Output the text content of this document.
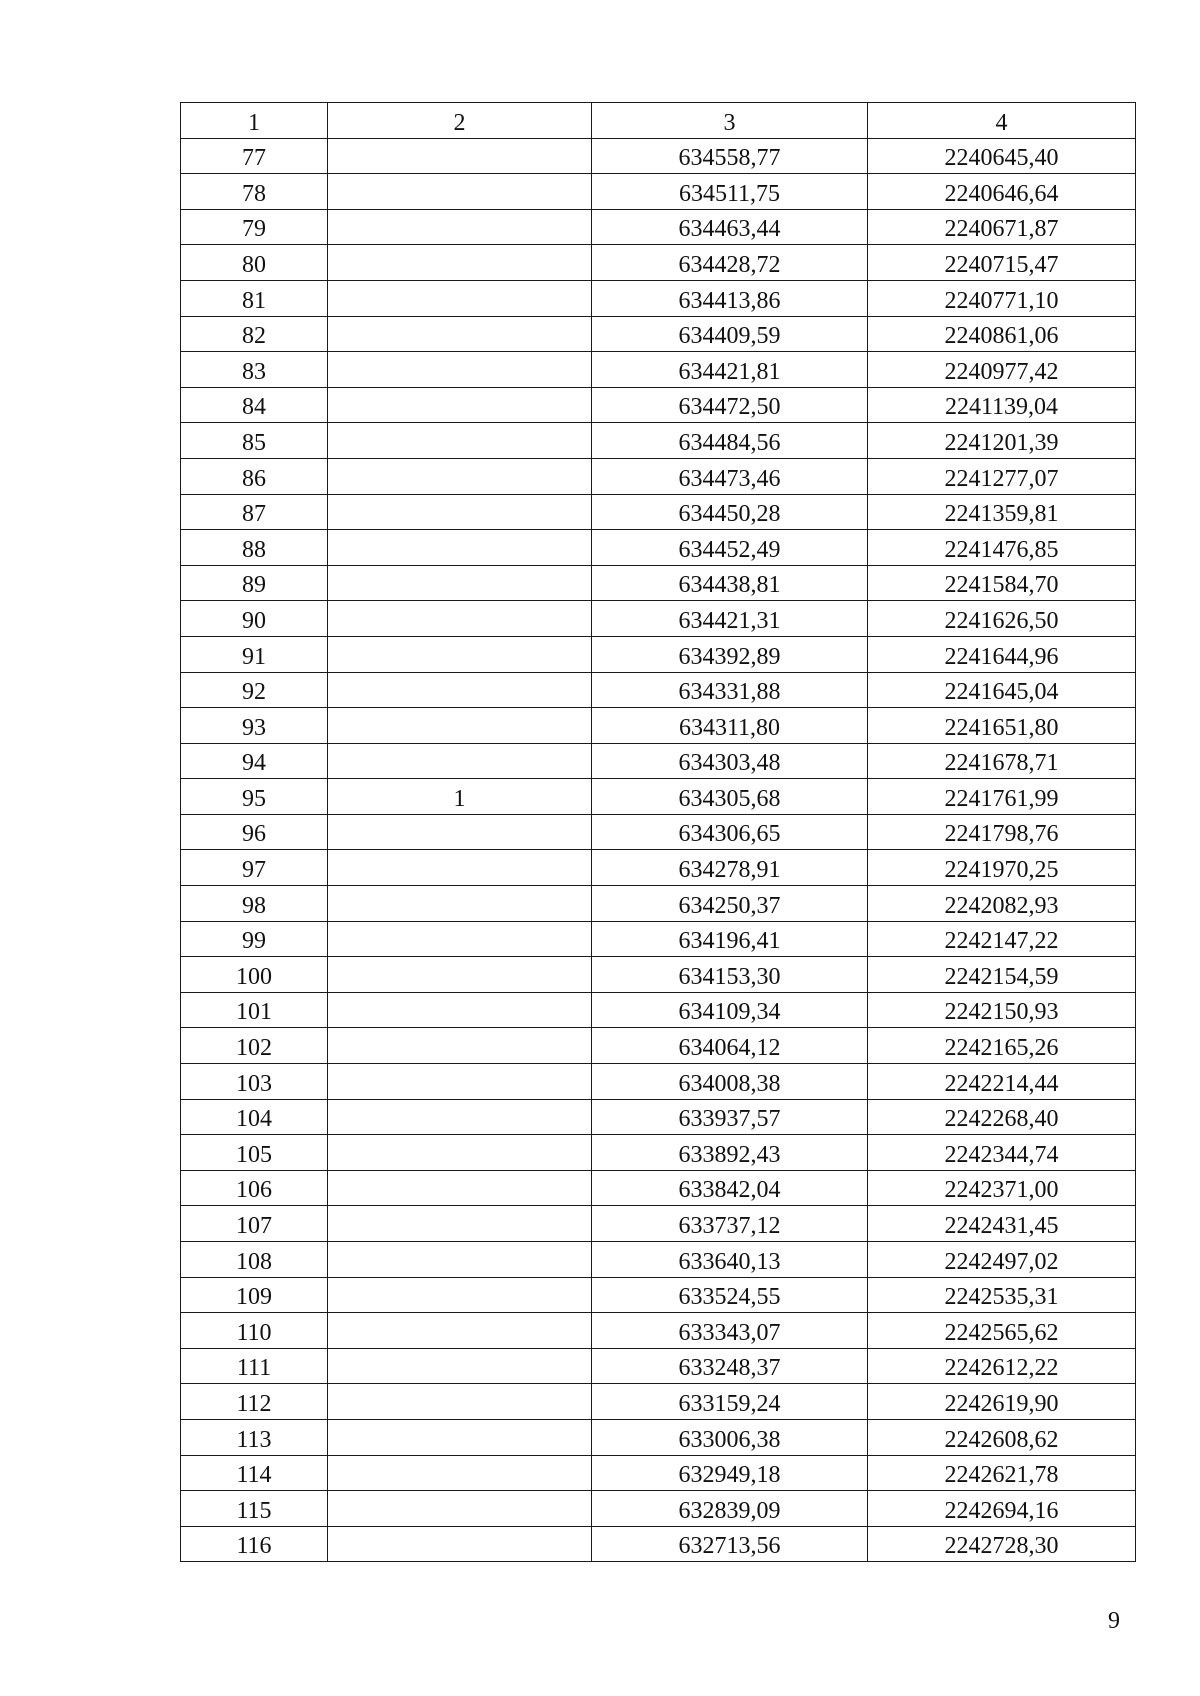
1	2	3	4
77		634558,77	2240645,40
78		634511,75	2240646,64
79		634463,44	2240671,87
80		634428,72	2240715,47
81		634413,86	2240771,10
82		634409,59	2240861,06
83		634421,81	2240977,42
84		634472,50	2241139,04
85		634484,56	2241201,39
86		634473,46	2241277,07
87		634450,28	2241359,81
88		634452,49	2241476,85
89		634438,81	2241584,70
90		634421,31	2241626,50
91		634392,89	2241644,96
92		634331,88	2241645,04
93		634311,80	2241651,80
94		634303,48	2241678,71
95	1	634305,68	2241761,99
96		634306,65	2241798,76
97		634278,91	2241970,25
98		634250,37	2242082,93
99		634196,41	2242147,22
100		634153,30	2242154,59
101		634109,34	2242150,93
102		634064,12	2242165,26
103		634008,38	2242214,44
104		633937,57	2242268,40
105		633892,43	2242344,74
106		633842,04	2242371,00
107		633737,12	2242431,45
108		633640,13	2242497,02
109		633524,55	2242535,31
110		633343,07	2242565,62
111		633248,37	2242612,22
112		633159,24	2242619,90
113		633006,38	2242608,62
114		632949,18	2242621,78
115		632839,09	2242694,16
116		632713,56	2242728,30
9
